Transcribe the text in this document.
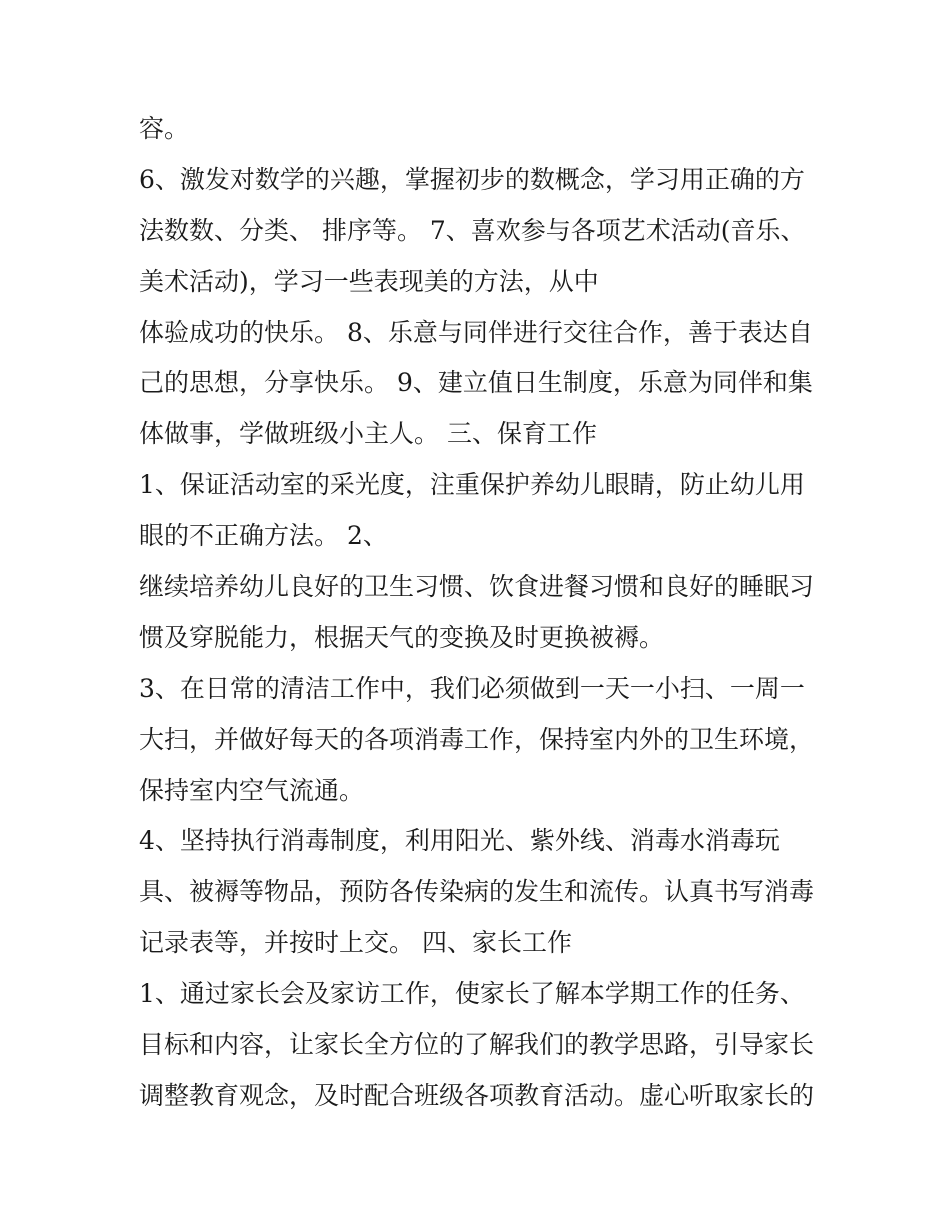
容。
6、激发对数学的兴趣，掌握初步的数概念，学习用正确的方
法数数、分类、 排序等。 7、喜欢参与各项艺术活动(音乐、
美术活动)，学习一些表现美的方法，从中
体验成功的快乐。 8、乐意与同伴进行交往合作，善于表达自
己的思想，分享快乐。 9、建立值日生制度，乐意为同伴和集
体做事，学做班级小主人。 三、保育工作
1、保证活动室的采光度，注重保护养幼儿眼睛，防止幼儿用
眼的不正确方法。 2、
继续培养幼儿良好的卫生习惯、饮食进餐习惯和良好的睡眠习
惯及穿脱能力，根据天气的变换及时更换被褥。
3、在日常的清洁工作中，我们必须做到一天一小扫、一周一
大扫，并做好每天的各项消毒工作，保持室内外的卫生环境，
保持室内空气流通。
4、坚持执行消毒制度，利用阳光、紫外线、消毒水消毒玩
具、被褥等物品，预防各传染病的发生和流传。认真书写消毒
记录表等，并按时上交。 四、家长工作
1、通过家长会及家访工作，使家长了解本学期工作的任务、
目标和内容，让家长全方位的了解我们的教学思路，引导家长
调整教育观念，及时配合班级各项教育活动。虚心听取家长的
